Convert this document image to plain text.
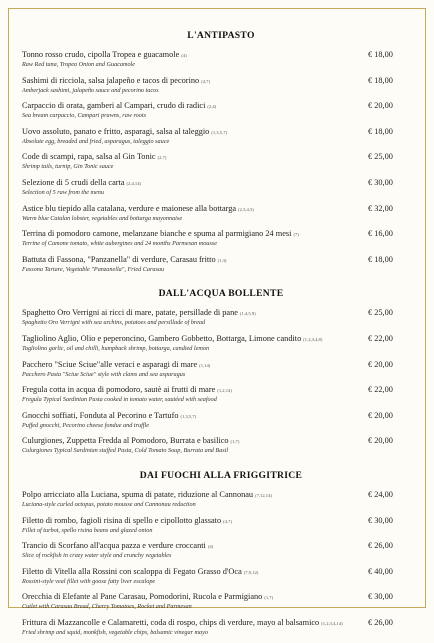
L'ANTIPASTO
Tonno rosso crudo, cipolla Tropea e guacamole (4)	€ 18,00
Raw Red tuna, Tropea Onion and Guacamole
Sashimi di ricciola, salsa jalapeño e tacos di pecorino (4,7)	€ 18,00
Amberjack sashimi, jalapeño sauce and pecorino tacos
Carpaccio di orata, gamberi al Campari, crudo di radici (2,4)	€ 20,00
Sea bream carpaccio, Campari prawns, raw roots
Uovo assoluto, panato e fritto, asparagi, salsa al taleggio (1,3,5,7)	€ 18,00
Absolute egg, breaded and fried, asparagus, taleggio sauce
Code di scampi, rapa, salsa al Gin Tonic (2,7)	€ 25,00
Shrimp tails, turnip, Gin Tonic sauce
Selezione di 5 crudi della carta (2,4,14)	€ 30,00
Selection of 5 raw from the menu
Astice blu tiepido alla catalana, verdure e maionese alla bottarga (2,3,4,5)	€ 32,00
Warm blue Catalan lobster, vegetables and bottarga mayonnaise
Terrina di pomodoro camone, melanzane bianche e spuma al parmigiano 24 mesi (7)	€ 16,00
Terrine of Camone tomato, white aubergines and 24 months Parmesan mousse
Battuta di Fassona, "Panzanella" di verdure, Carasau fritto (1,3)	€ 18,00
Fassona Tartare, Vegetable "Panzanella", Fried Carasau
DALL'ACQUA BOLLENTE
Spaghetto Oro Verrigni ai ricci di mare, patate, persillade di pane (1,4,5,9)	€ 25,00
Spaghetto Oro Verrigni with sea urchins, potatoes and persillade of bread
Tagliolino Aglio, Olio e peperoncino, Gambero Gobbetto, Bottarga, Limone candito (1,2,3,4,8)	€ 22,00
Tagliolino garlic, oil and chilli, humpback shrimp, bottarga, candied lemon
Pacchero "Sciue Sciue"alle veraci e asparagi di mare (1,14)	€ 20,00
Pacchero Pasta "Sciue Sciue" style with clams and sea asparagus
Fregula cotta in acqua di pomodoro, sautè ai frutti di mare (1,2,14)	€ 22,00
Fregula Typical Sardinian Pasta cooked in tomato water, sautéed with seafood
Gnocchi soffiati, Fonduta al Pecorino e Tartufo (1,3,5,7)	€ 20,00
Puffed gnocchi, Pecorino cheese fondue and truffle
Culurgiones, Zuppetta Fredda al Pomodoro, Burrata e basilico (1,7)	€ 20,00
Culurgiones Typical Sardinian stuffed Pasta, Cold Tomato Soup, Burrata and Basil
DAI FUOCHI ALLA FRIGGITRICE
Polpo arricciato alla Luciana, spuma di patate, riduzione al Cannonau (7,12,14)	€ 24,00
Luciana-style curled octopus, potato mousse and Cannonau reduction
Filetto di rombo, fagioli risina di spello e cipollotto glassato (4,7)	€ 30,00
Fillet of turbot, spello risina beans and glazed onion
Trancio di Scorfano all'acqua pazza e verdure croccanti (4)	€ 26,00
Slice of rockfish in crazy water style and crunchy vegetables
Filetto di Vitella alla Rossini con scaloppa di Fegato Grasso d'Oca (7,9,12)	€ 40,00
Rossini-style veal fillet with goose fatty liver escalope
Orecchia di Elefante al Pane Carasau, Pomodorini, Rucola e Parmigiano (1,7)	€ 30,00
Cutlet with Carasau Bread, Cherry Tomatoes, Rocket and Parmesan
Frittura di Mazzancolle e Calamaretti, coda di rospo, chips di verdure, mayo al balsamico (1,2,3,4,14)	€ 26,00
Fried shrimp and squid, monkfish, vegetable chips, balsamic vinegar mayo
